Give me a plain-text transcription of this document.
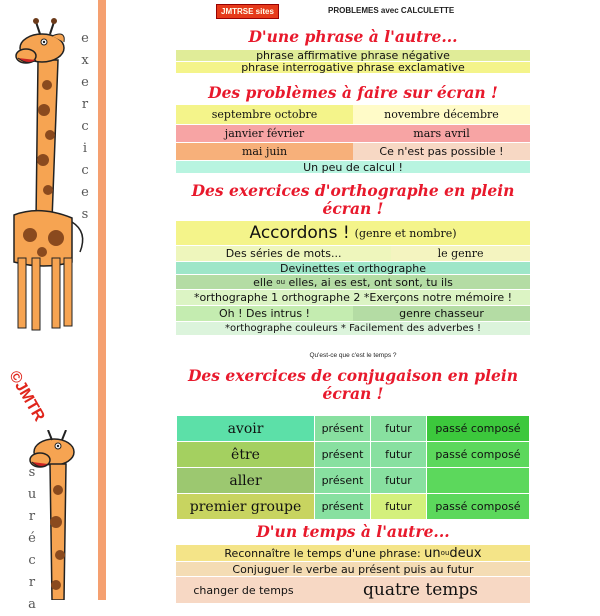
e
x
e
r
c
i
c
e
s
©JMTR
s
u
r
é
c
r
a
JMTRSE sites	PROBLEMES avec CALCULETTE
D'une phrase à l'autre...
phrase affirmative phrase négative
phrase interrogative phrase exclamative
Des problèmes à faire sur écran !
septembre octobre	novembre décembre
janvier février	mars avril
mai juin	Ce n'est pas possible !
Un peu de calcul !
Des exercices d'orthographe en plein écran !
Accordons ! (genre et nombre)
Des séries de mots...	le genre
Devinettes et orthographe
elle ou elles, ai es est, ont sont, tu ils
*orthographe 1 orthographe 2 *Exerçons notre mémoire !
Oh ! Des intrus !	genre chasseur
*orthographe couleurs * Facilement des adverbes !
Qu'est-ce que c'est le temps ?
Des exercices de conjugaison en plein écran !
avoir	présent	futur	passé composé
être	présent	futur	passé composé
aller	présent	futur	.
premier groupe	présent	futur	passé composé
D'un temps à l'autre...
Reconnaître le temps d'une phrase: un ou deux
Conjuguer le verbe au présent puis au futur
changer de temps	quatre temps
